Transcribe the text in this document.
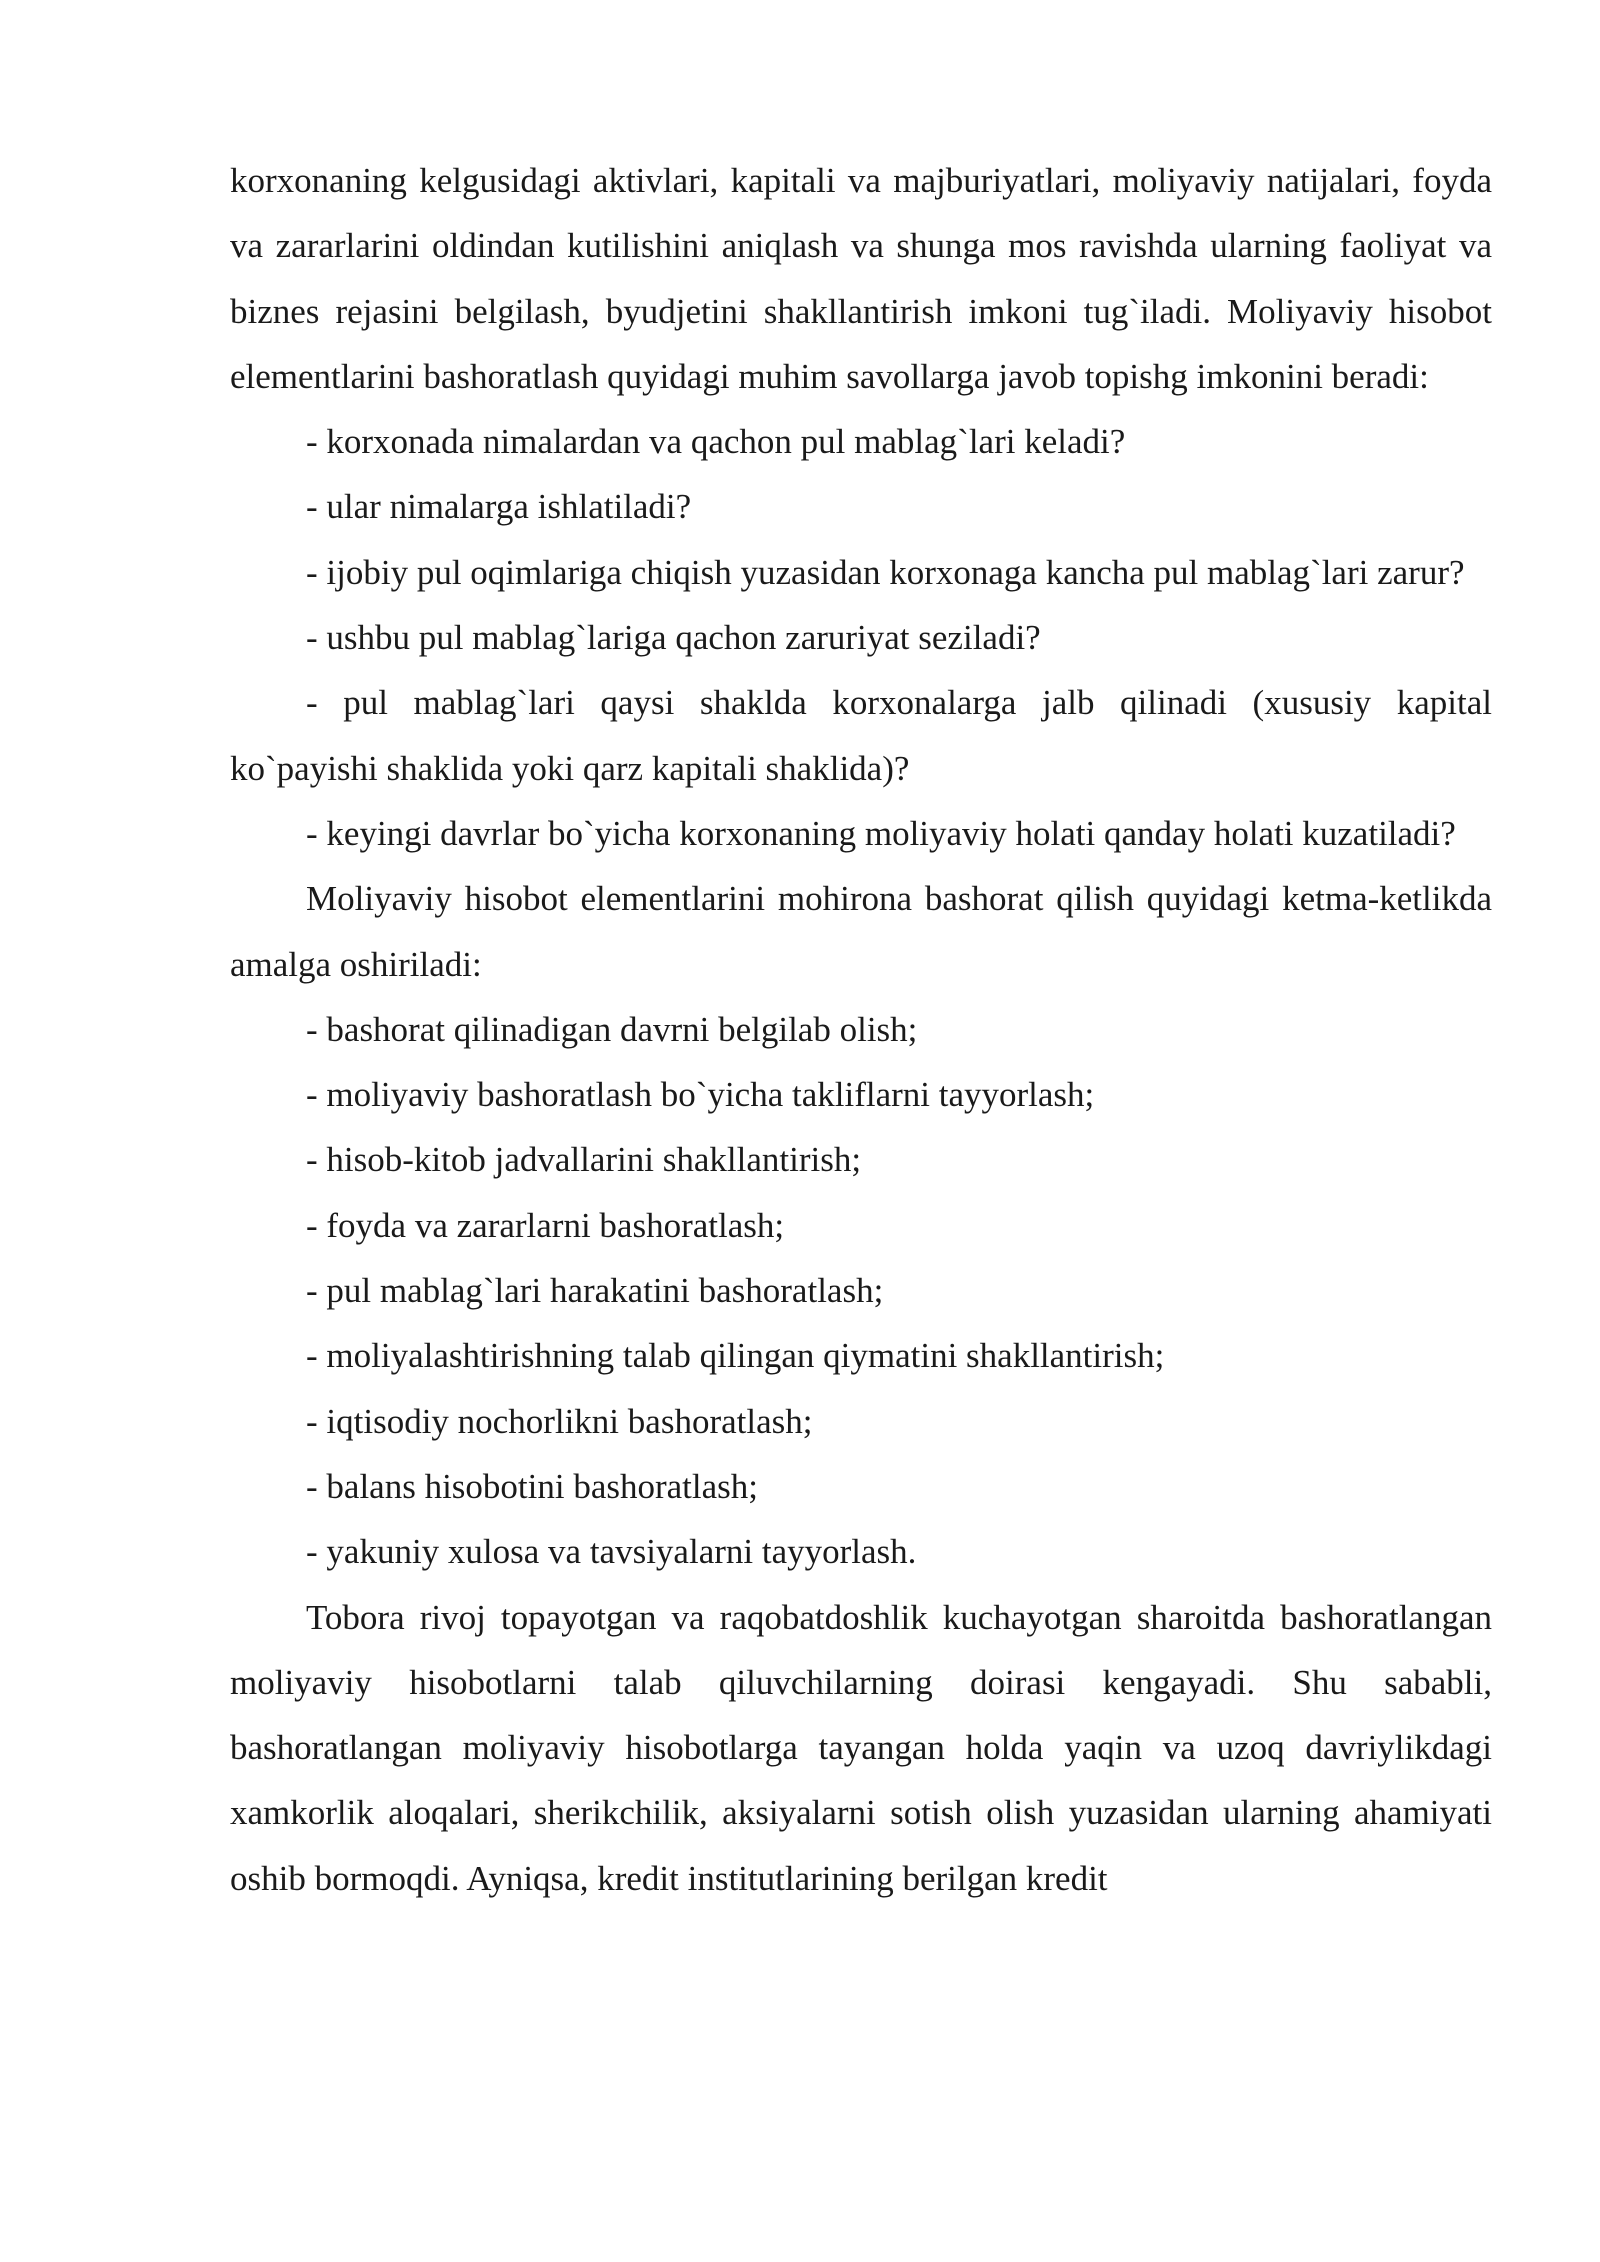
korxonaning kelgusidagi aktivlari, kapitali va majburiyatlari, moliyaviy natijalari, foyda va zararlarini oldindan kutilishini aniqlash va shunga mos ravishda ularning faoliyat va biznes rejasini belgilash, byudjetini shakllantirish imkoni tug`iladi. Moliyaviy hisobot elementlarini bashoratlash quyidagi muhim savollarga javob topishg imkonini beradi:

- korxonada nimalardan va qachon pul mablag`lari keladi?

- ular nimalarga ishlatiladi?

- ijobiy pul oqimlariga chiqish yuzasidan korxonaga kancha pul mablag`lari zarur?

- ushbu pul mablag`lariga qachon zaruriyat seziladi?

- pul mablag`lari qaysi shaklda korxonalarga jalb qilinadi (xususiy kapital ko`payishi shaklida yoki qarz kapitali shaklida)?

- keyingi davrlar bo`yicha korxonaning moliyaviy holati qanday holati kuzatiladi?

Moliyaviy hisobot elementlarini mohirona bashorat qilish quyidagi ketma-ketlikda amalga oshiriladi:

- bashorat qilinadigan davrni belgilab olish;

- moliyaviy bashoratlash bo`yicha takliflarni tayyorlash;

- hisob-kitob jadvallarini shakllantirish;

- foyda va zararlarni bashoratlash;

- pul mablag`lari harakatini bashoratlash;

- moliyalashtirishning talab qilingan qiymatini shakllantirish;

- iqtisodiy nochorlikni bashoratlash;

- balans hisobotini bashoratlash;

- yakuniy xulosa va tavsiyalarni tayyorlash.

Tobora rivoj topayotgan va raqobatdoshlik kuchayotgan sharoitda bashoratlangan moliyaviy hisobotlarni talab qiluvchilarning doirasi kengayadi. Shu sababli, bashoratlangan moliyaviy hisobotlarga tayangan holda yaqin va uzoq davriylikdagi xamkorlik aloqalari, sherikchilik, aksiyalarni sotish olish yuzasidan ularning ahamiyati oshib bormoqdi. Ayniqsa, kredit institutlarining berilgan kredit
